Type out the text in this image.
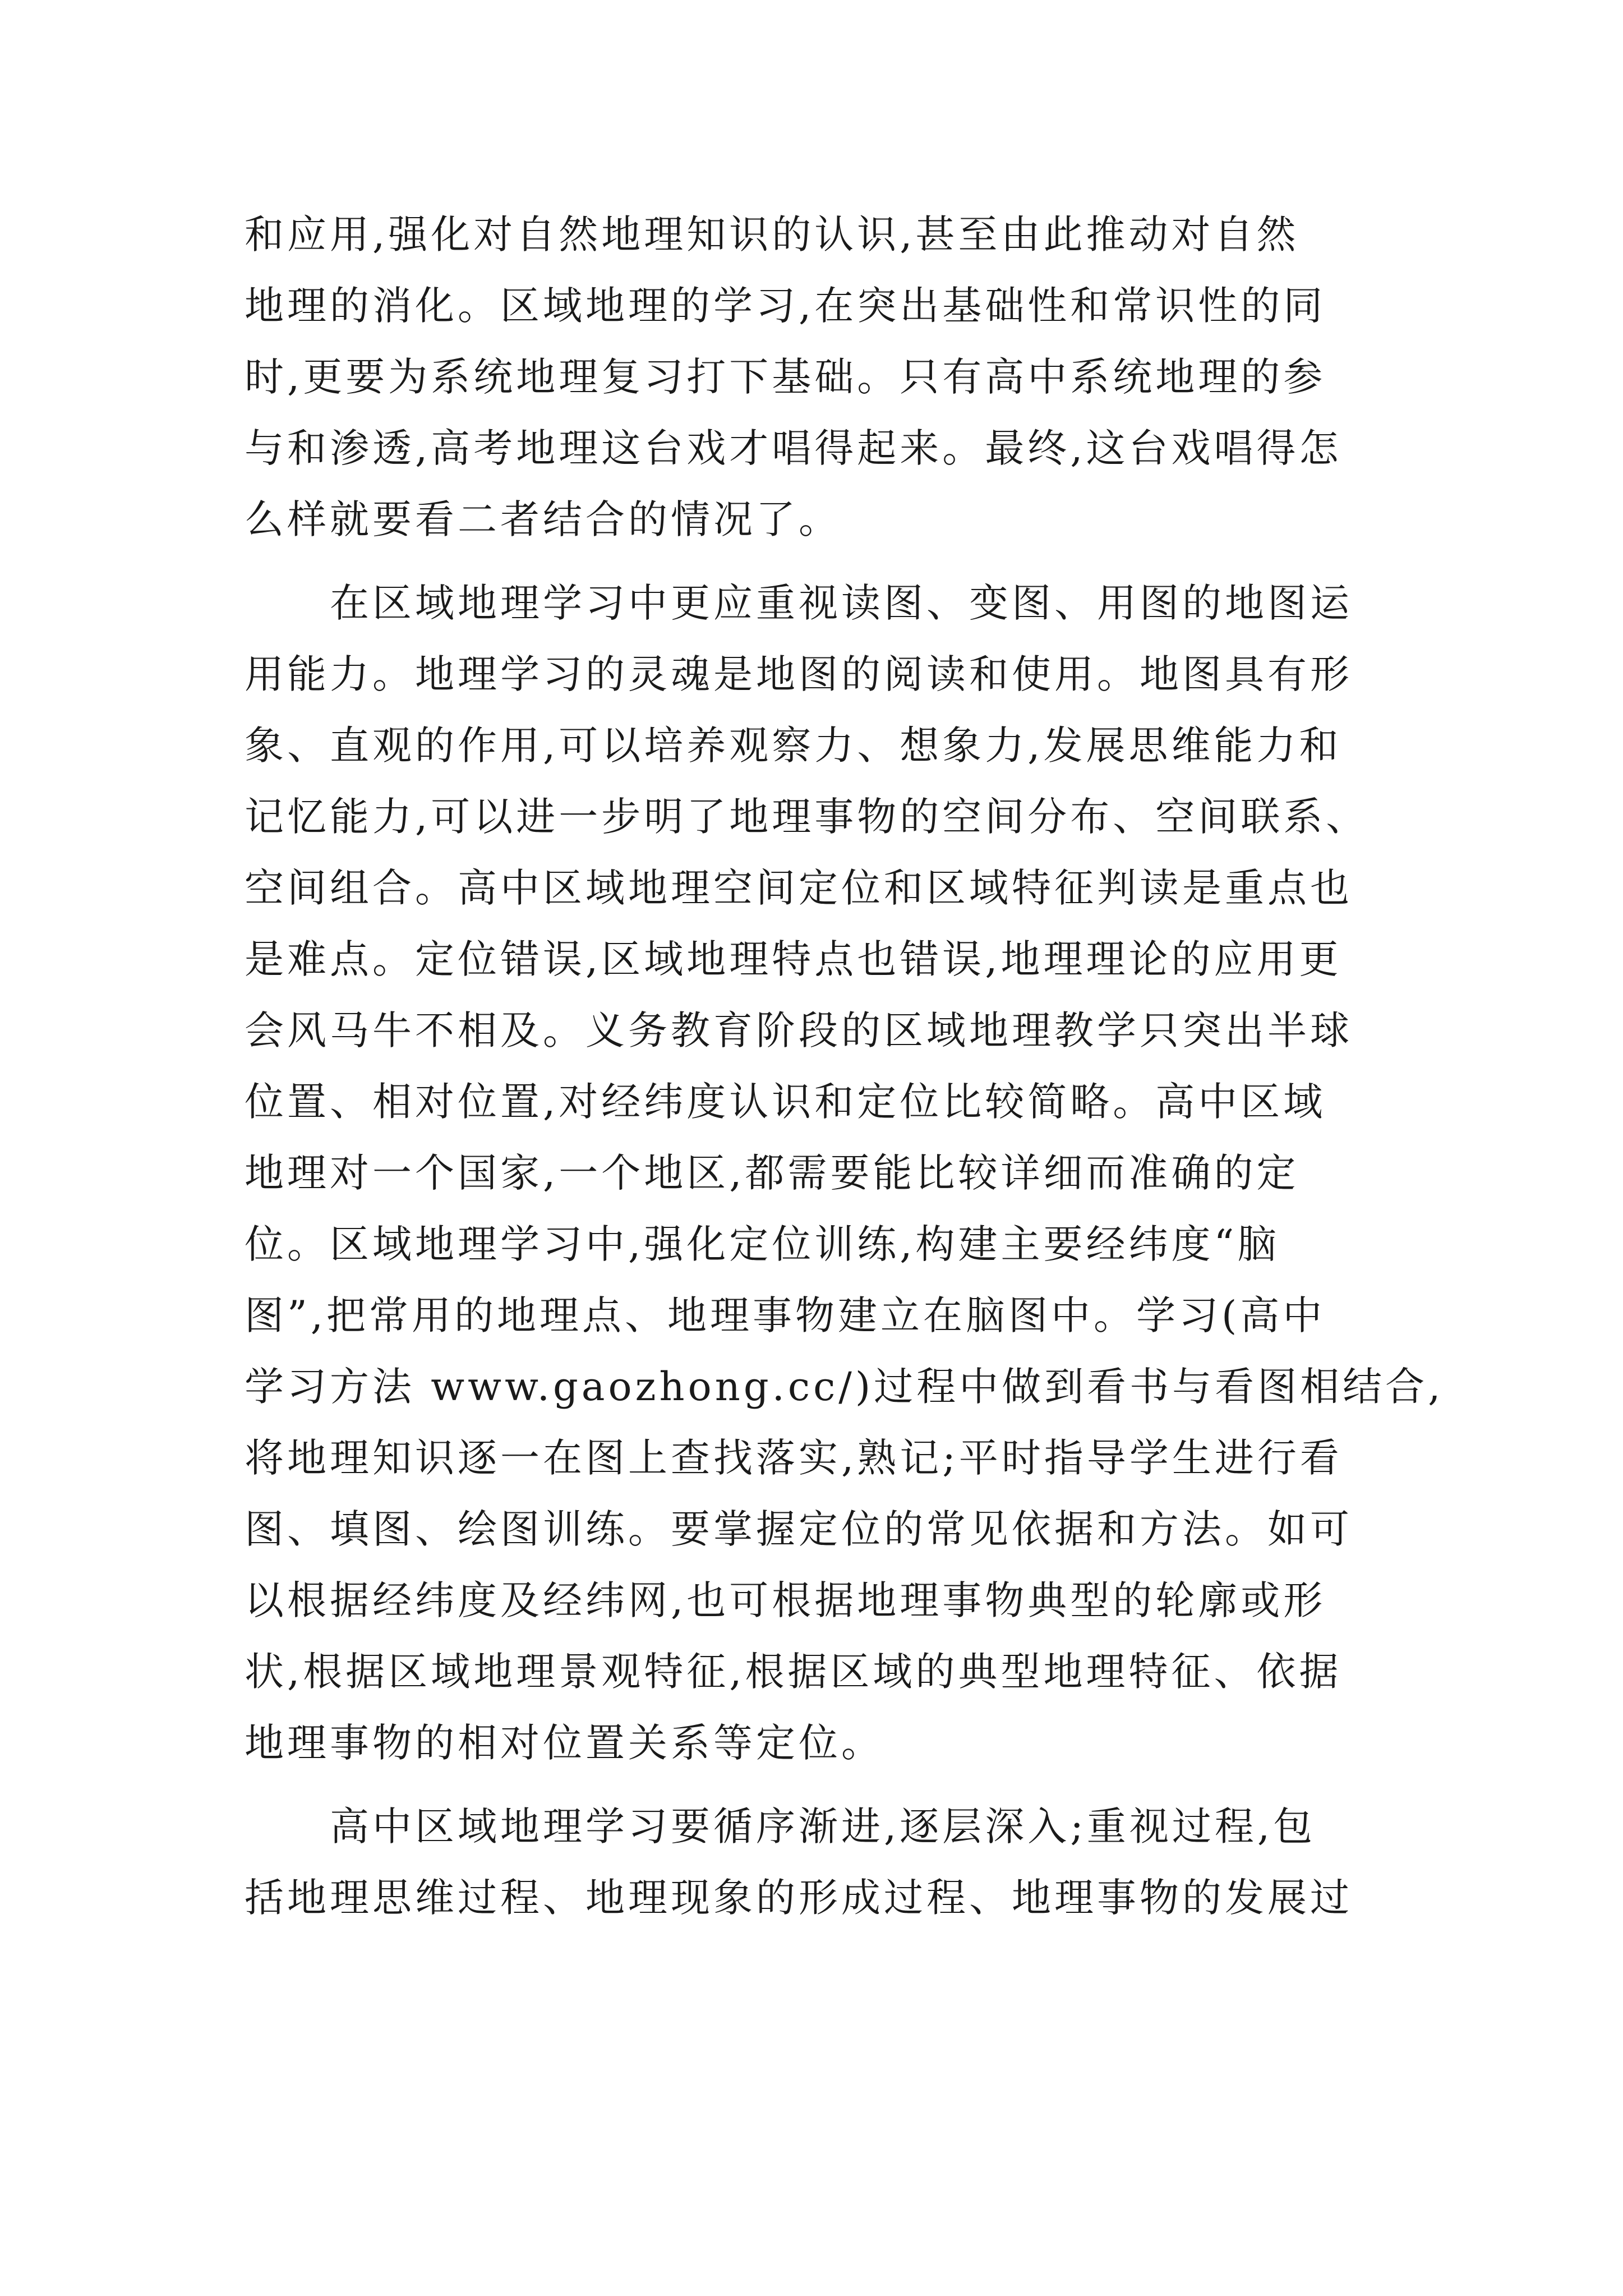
和应用,强化对自然地理知识的认识,甚至由此推动对自然
地理的消化。区域地理的学习,在突出基础性和常识性的同
时,更要为系统地理复习打下基础。只有高中系统地理的参
与和渗透,高考地理这台戏才唱得起来。最终,这台戏唱得怎
么样就要看二者结合的情况了。
　　在区域地理学习中更应重视读图、变图、用图的地图运
用能力。地理学习的灵魂是地图的阅读和使用。地图具有形
象、直观的作用,可以培养观察力、想象力,发展思维能力和
记忆能力,可以进一步明了地理事物的空间分布、空间联系、
空间组合。高中区域地理空间定位和区域特征判读是重点也
是难点。定位错误,区域地理特点也错误,地理理论的应用更
会风马牛不相及。义务教育阶段的区域地理教学只突出半球
位置、相对位置,对经纬度认识和定位比较简略。高中区域
地理对一个国家,一个地区,都需要能比较详细而准确的定
位。区域地理学习中,强化定位训练,构建主要经纬度“脑
图”,把常用的地理点、地理事物建立在脑图中。学习(高中
学习方法 www.gaozhong.cc/)过程中做到看书与看图相结合,
将地理知识逐一在图上查找落实,熟记;平时指导学生进行看
图、填图、绘图训练。要掌握定位的常见依据和方法。如可
以根据经纬度及经纬网,也可根据地理事物典型的轮廓或形
状,根据区域地理景观特征,根据区域的典型地理特征、依据
地理事物的相对位置关系等定位。
　　高中区域地理学习要循序渐进,逐层深入;重视过程,包
括地理思维过程、地理现象的形成过程、地理事物的发展过
